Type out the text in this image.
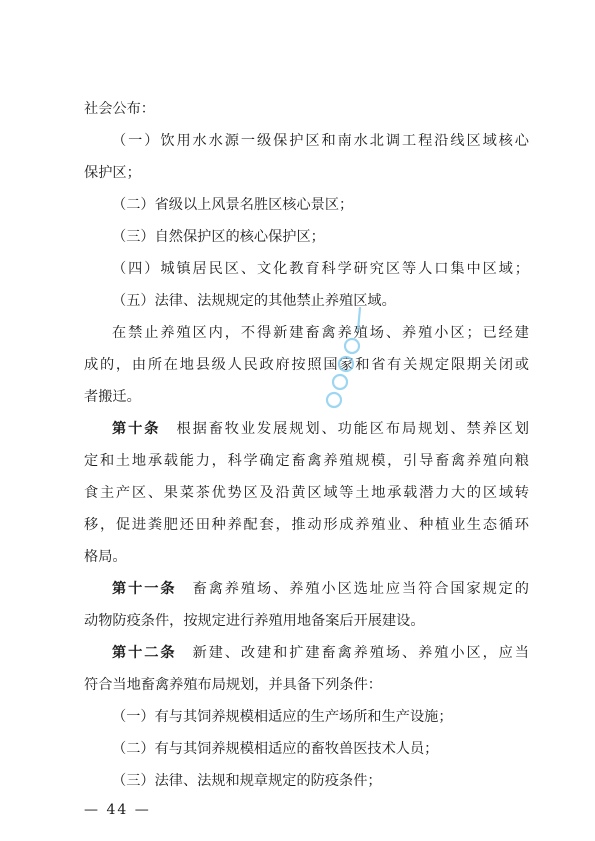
社会公布：
（一）饮用水水源一级保护区和南水北调工程沿线区域核心
保护区；
（二）省级以上风景名胜区核心景区；
（三）自然保护区的核心保护区；
（四）城镇居民区、文化教育科学研究区等人口集中区域；
（五）法律、法规规定的其他禁止养殖区域。
在禁止养殖区内，不得新建畜禽养殖场、养殖小区；已经建
成的，由所在地县级人民政府按照国家和省有关规定限期关闭或
者搬迁。
第十条　 根据畜牧业发展规划、功能区布局规划、禁养区划
定和土地承载能力，科学确定畜禽养殖规模，引导畜禽养殖向粮
食主产区、果菜茶优势区及沿黄区域等土地承载潜力大的区域转
移，促进粪肥还田种养配套，推动形成养殖业、种植业生态循环
格局。
第十一条　 畜禽养殖场、养殖小区选址应当符合国家规定的
动物防疫条件，按规定进行养殖用地备案后开展建设。
第十二条　 新建、改建和扩建畜禽养殖场、养殖小区，应当
符合当地畜禽养殖布局规划，并具备下列条件：
（一）有与其饲养规模相适应的生产场所和生产设施；
（二）有与其饲养规模相适应的畜牧兽医技术人员；
（三）法律、法规和规章规定的防疫条件；
— 44 —
